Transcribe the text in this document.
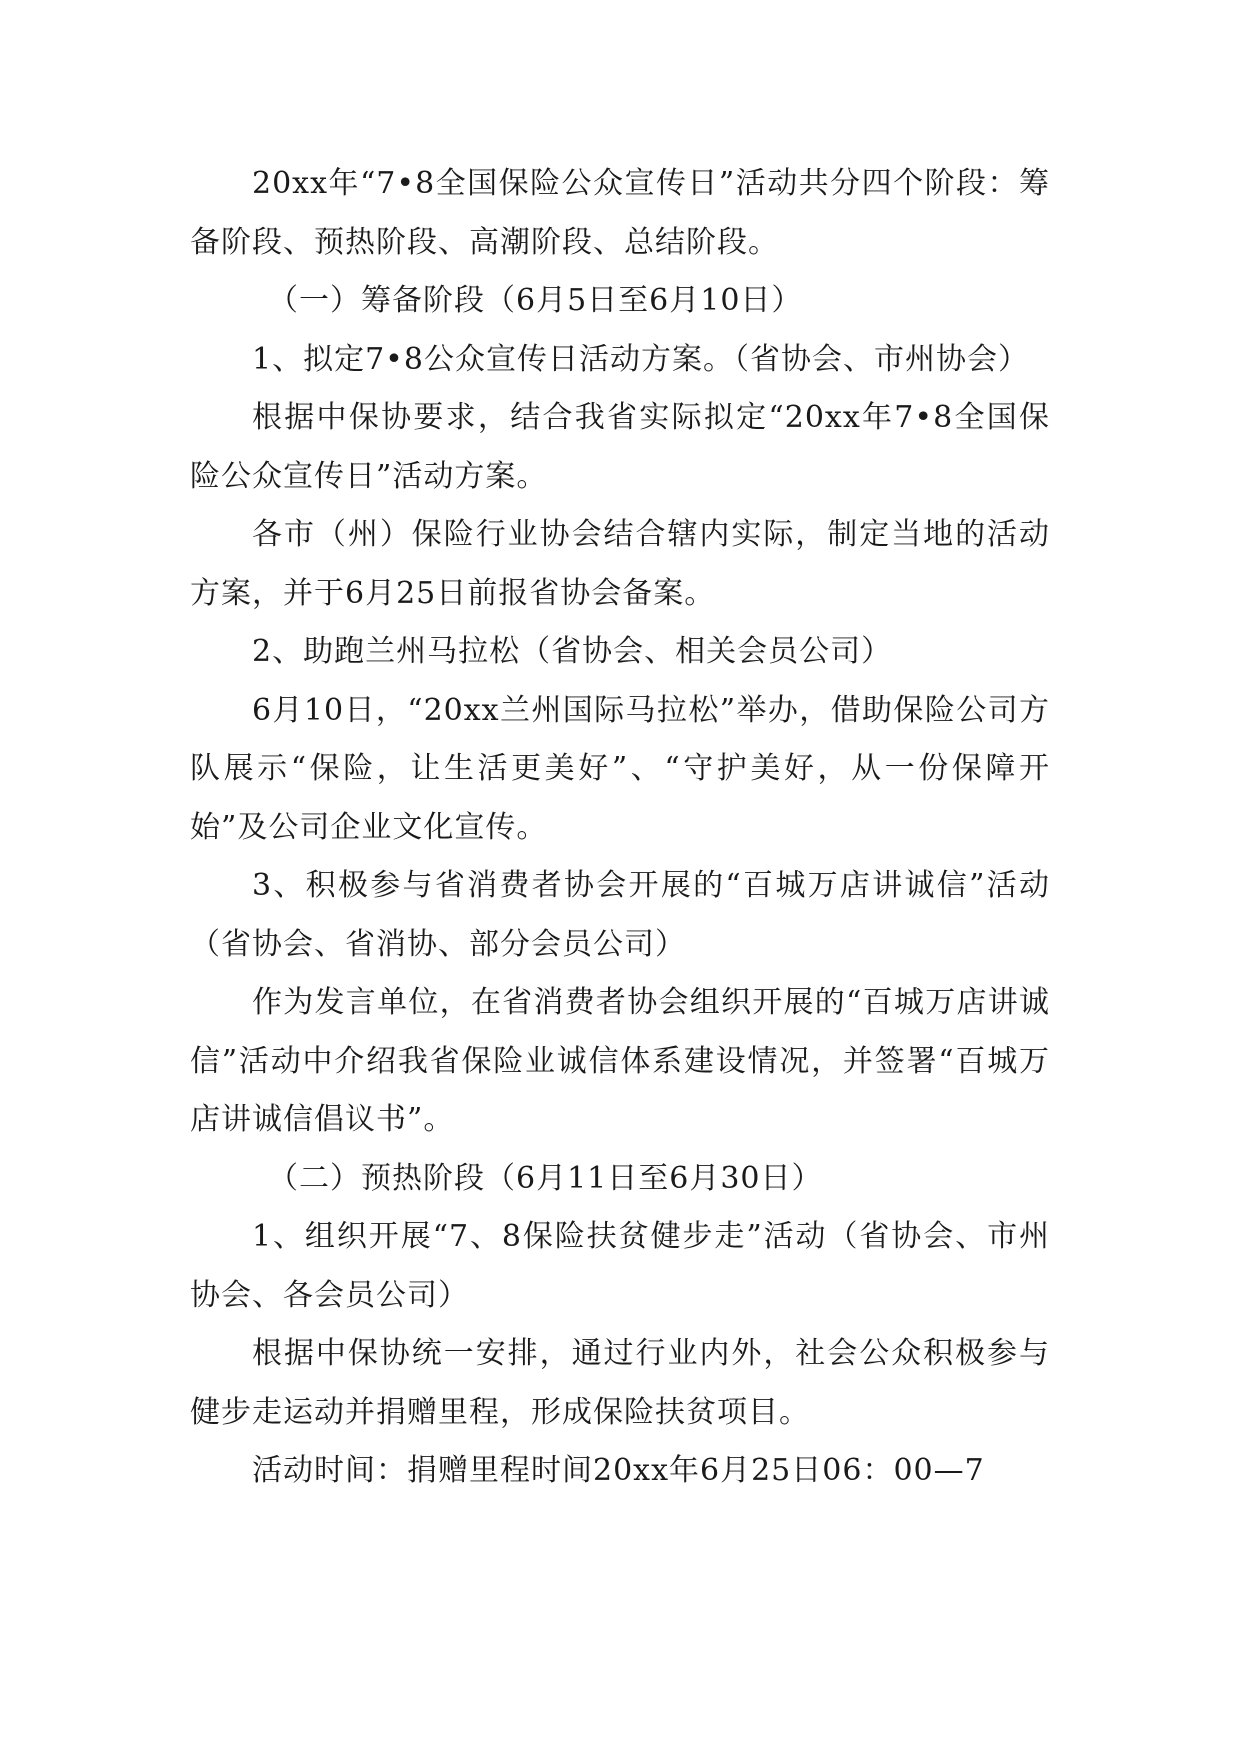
20xx年“7•8全国保险公众宣传日”活动共分四个阶段：筹备阶段、预热阶段、高潮阶段、总结阶段。

（一）筹备阶段（6月5日至6月10日）

1、拟定7•8公众宣传日活动方案。（省协会、市州协会）

根据中保协要求，结合我省实际拟定“20xx年7•8全国保险公众宣传日”活动方案。

各市（州）保险行业协会结合辖内实际，制定当地的活动方案，并于6月25日前报省协会备案。

2、助跑兰州马拉松（省协会、相关会员公司）

6月10日，“20xx兰州国际马拉松”举办，借助保险公司方队展示“保险，让生活更美好”、“守护美好，从一份保障开始”及公司企业文化宣传。

3、积极参与省消费者协会开展的“百城万店讲诚信”活动（省协会、省消协、部分会员公司）

作为发言单位，在省消费者协会组织开展的“百城万店讲诚信”活动中介绍我省保险业诚信体系建设情况，并签署“百城万店讲诚信倡议书”。

（二）预热阶段（6月11日至6月30日）

1、组织开展“7、8保险扶贫健步走”活动（省协会、市州协会、各会员公司）

根据中保协统一安排，通过行业内外，社会公众积极参与健步走运动并捐赠里程，形成保险扶贫项目。

活动时间：捐赠里程时间20xx年6月25日06：00—7
